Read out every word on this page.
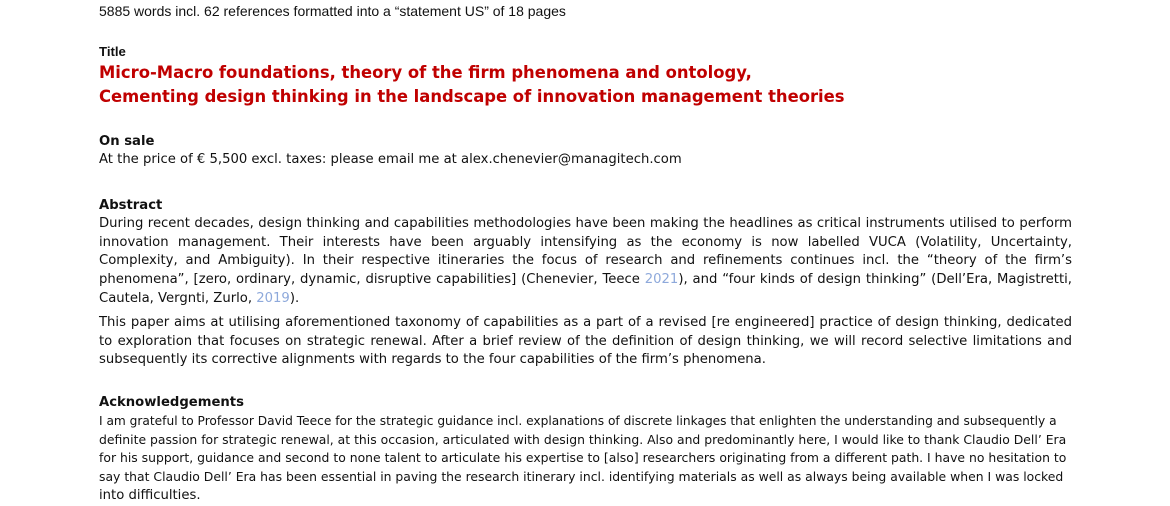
5885 words incl. 62 references formatted into a “statement US” of 18 pages
Title
Micro-Macro foundations, theory of the firm phenomena and ontology,
Cementing design thinking in the landscape of innovation management theories
On sale
At the price of € 5,500 excl. taxes: please email me at alex.chenevier@managitech.com
Abstract

During recent decades, design thinking and capabilities methodologies have been making the headlines as critical instruments utilised to perform innovation management. Their interests have been arguably intensifying as the economy is now labelled VUCA (Volatility, Uncertainty, Complexity, and Ambiguity). In their respective itineraries the focus of research and refinements continues incl. the “theory of the firm’s phenomena”, [zero, ordinary, dynamic, disruptive capabilities] (Chenevier, Teece 2021), and “four kinds of design thinking” (Dell’Era, Magistretti, Cautela, Vergnti, Zurlo, 2019).

This paper aims at utilising aforementioned taxonomy of capabilities as a part of a revised [re engineered] practice of design thinking, dedicated to exploration that focuses on strategic renewal. After a brief review of the definition of design thinking, we will record selective limitations and subsequently its corrective alignments with regards to the four capabilities of the firm’s phenomena.

Acknowledgements
I am grateful to Professor David Teece for the strategic guidance incl. explanations of discrete linkages that enlighten the understanding and subsequently a
definite passion for strategic renewal, at this occasion, articulated with design thinking. Also and predominantly here, I would like to thank Claudio Dell’ Era
for his support, guidance and second to none talent to articulate his expertise to [also] researchers originating from a different path. I have no hesitation to
say that Claudio Dell’ Era has been essential in paving the research itinerary incl. identifying materials as well as always being available when I was locked
into difficulties.
